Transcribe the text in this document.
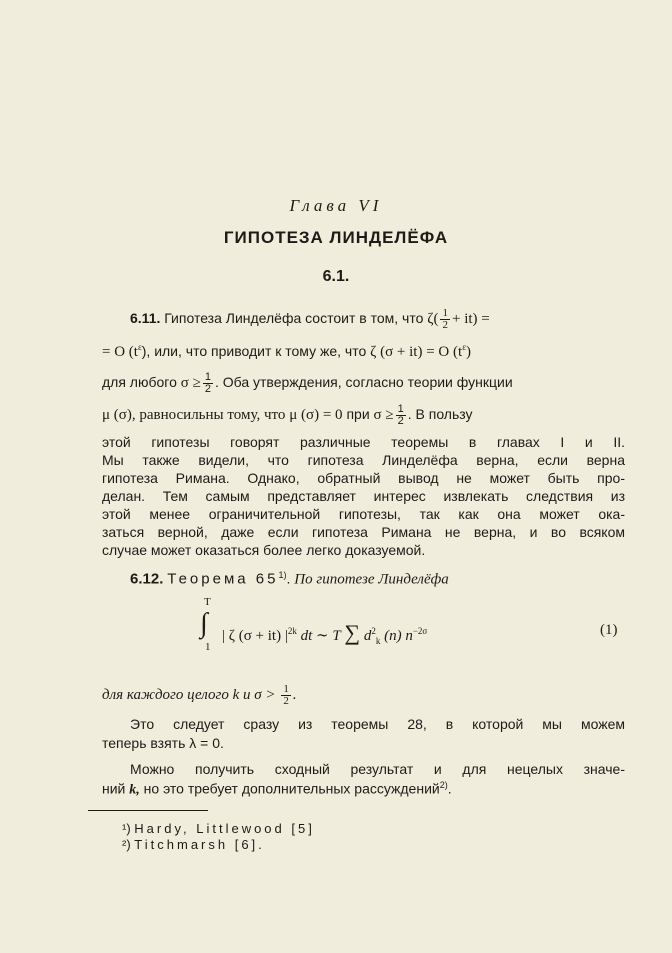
Глава VI
ГИПОТЕЗА ЛИНДЕЛЁФА
6.1.
6.11. Гипотеза Линделёфа состоит в том, что $\zeta( \frac{1}{2} + it)$ =
= O $(t^\varepsilon)$, или, что приводит к тому же, что ζ (σ + it) = O $(t^\varepsilon)$
для любого $\sigma \ge \frac{1}{2}$ . Оба утверждения, согласно теории функции
μ (σ), равносильны тому, что μ (σ) = 0 при $\sigma \ge \frac{1}{2}$ . В пользу
этой гипотезы говорят различные теоремы в главах I и II.
Мы также видели, что гипотеза Линделёфа верна, если верна
гипотеза Римана. Однако, обратный вывод не может быть про-
делан. Тем самым представляет интерес извлекать следствия из
этой менее ограничительной гипотезы, так как она может ока-
заться верной, даже если гипотеза Римана не верна, и во всяком
случае может оказаться более легко доказуемой.
6.12. Теорема 65$^{1)}$. По гипотезе Линделёфа
T
∫
1
| ζ (σ + it) $|^{2k}$ dt ∼ T ∑ $d^2_k$ (n) $n^{-2\sigma}$	(1)
для каждого целого k и $\sigma > \frac{1}{2}$ .
Это следует сразу из теоремы 28, в которой мы можем
теперь взять λ = 0.
Можно получить сходный результат и для нецелых значе-
ний k, но это требует дополнительных рассуждений$^{2)}$.
¹) Hardy, Littlewood [5]
²) Titchmarsh [6].
